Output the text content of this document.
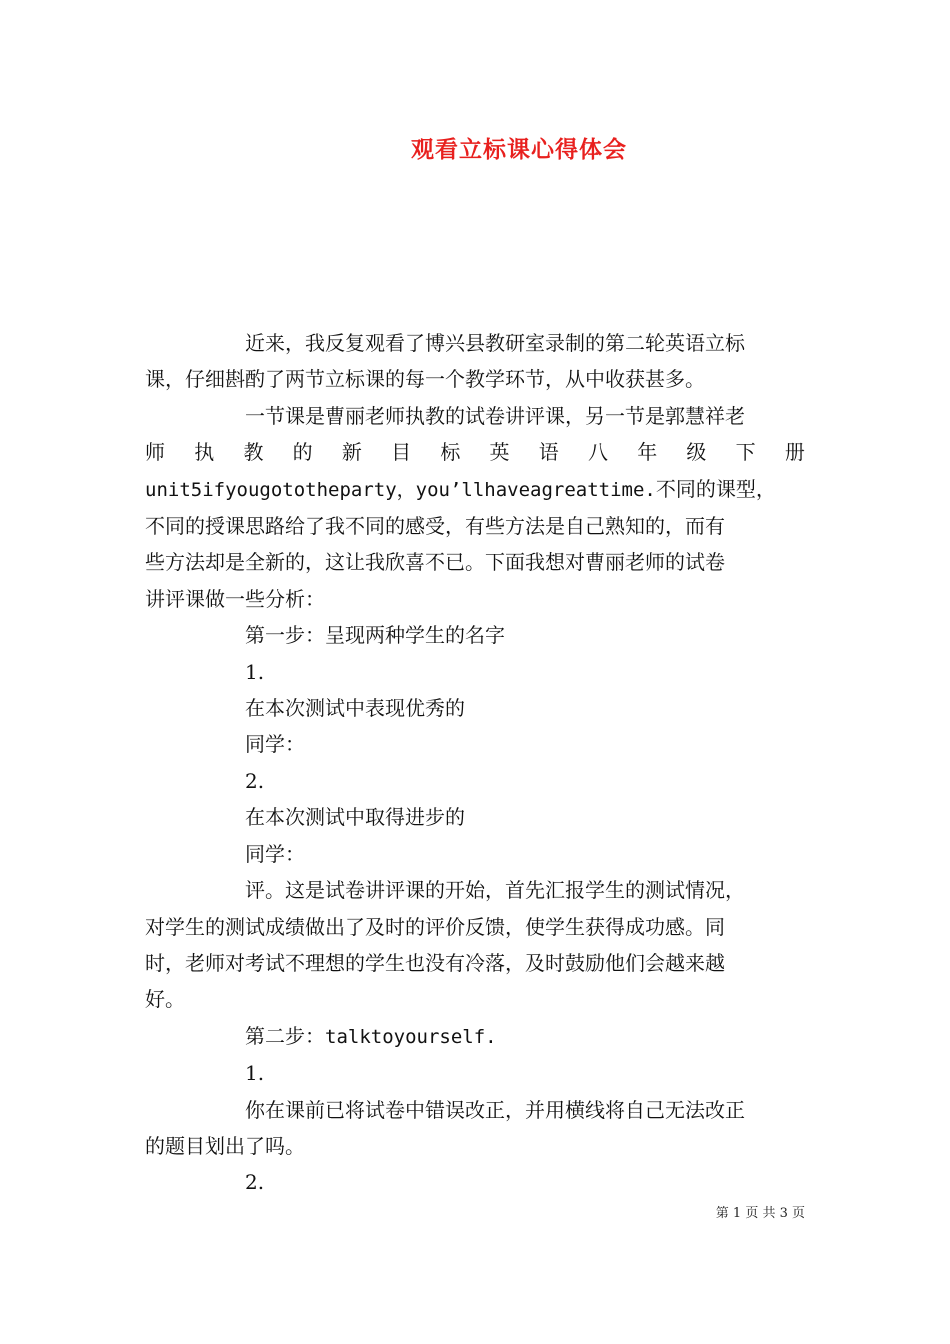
观看立标课心得体会

近来，我反复观看了博兴县教研室录制的第二轮英语立标

课，仔细斟酌了两节立标课的每一个教学环节，从中收获甚多。

一节课是曹丽老师执教的试卷讲评课，另一节是郭慧祥老

师 执 教 的 新 目 标 英 语 八 年 级 下 册

unit5ifyougototheparty，you’llhaveagreattime.不同的课型，

不同的授课思路给了我不同的感受，有些方法是自己熟知的，而有

些方法却是全新的，这让我欣喜不已。下面我想对曹丽老师的试卷

讲评课做一些分析：

第一步：呈现两种学生的名字

1.

在本次测试中表现优秀的

同学：

2.

在本次测试中取得进步的

同学：

评。这是试卷讲评课的开始，首先汇报学生的测试情况，

对学生的测试成绩做出了及时的评价反馈，使学生获得成功感。同

时，老师对考试不理想的学生也没有冷落，及时鼓励他们会越来越

好。

第二步：talktoyourself.

1.

你在课前已将试卷中错误改正，并用横线将自己无法改正

的题目划出了吗。

2.

第 1 页 共 3 页
